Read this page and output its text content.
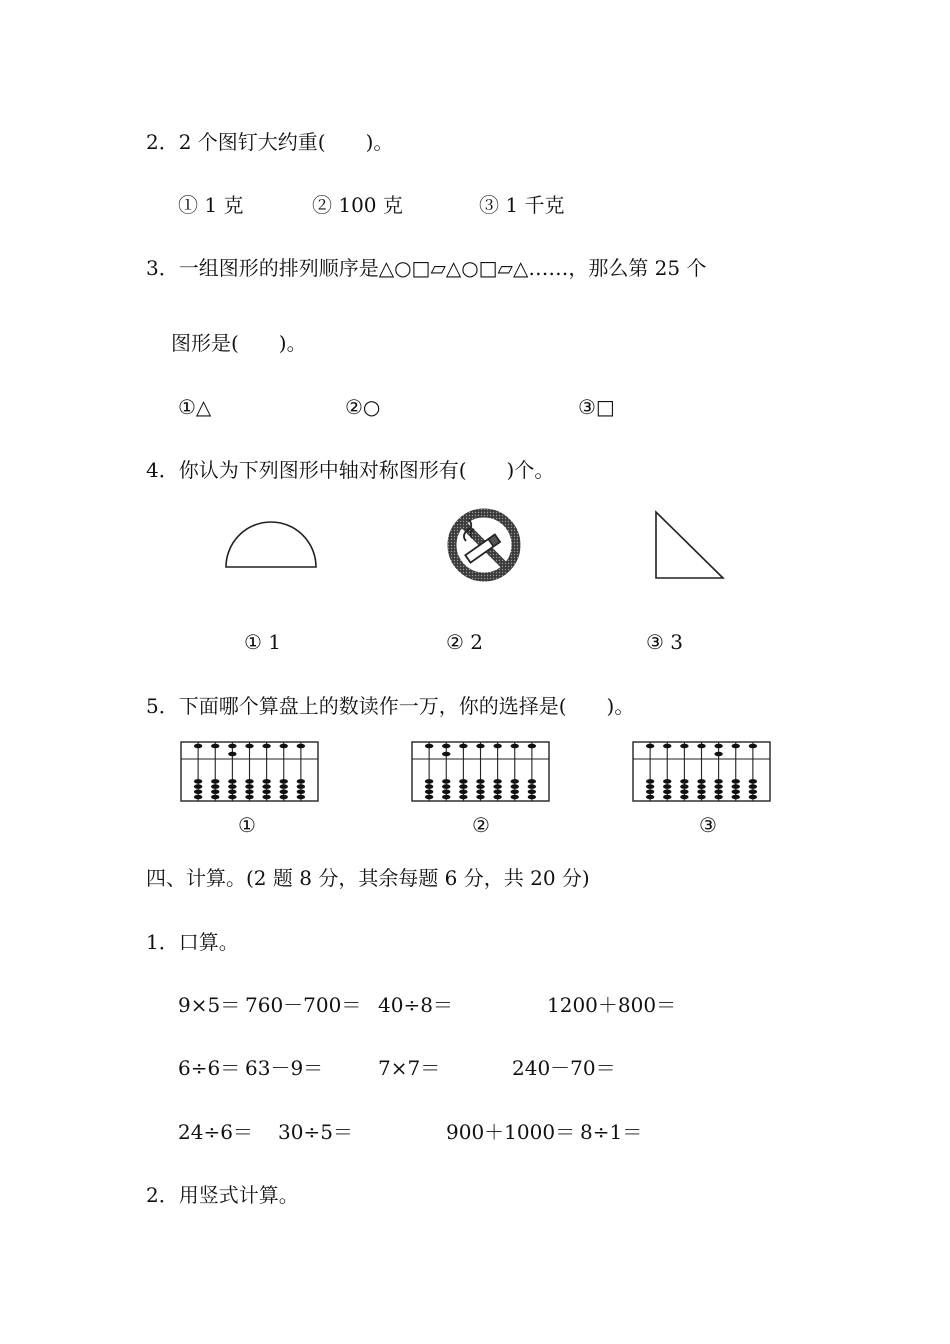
2．2 个图钉大约重(　　)。
① 1 克	② 100 克	③ 1 千克
3．一组图形的排列顺序是△○□▱△○□▱△……，那么第 25 个
图形是(　　)。
①△	②○	③□
4．你认为下列图形中轴对称图形有(　　)个。
① 1	② 2	③ 3
5．下面哪个算盘上的数读作一万，你的选择是(　　)。
①	②	③
四、计算。(2 题 8 分，其余每题 6 分，共 20 分)
1．口算。
9×5＝ 760－700＝ 40÷8＝	1200＋800＝
6÷6＝ 63－9＝	7×7＝	240－70＝
24÷6＝ 30÷5＝	900＋1000＝ 8÷1＝
2．用竖式计算。
